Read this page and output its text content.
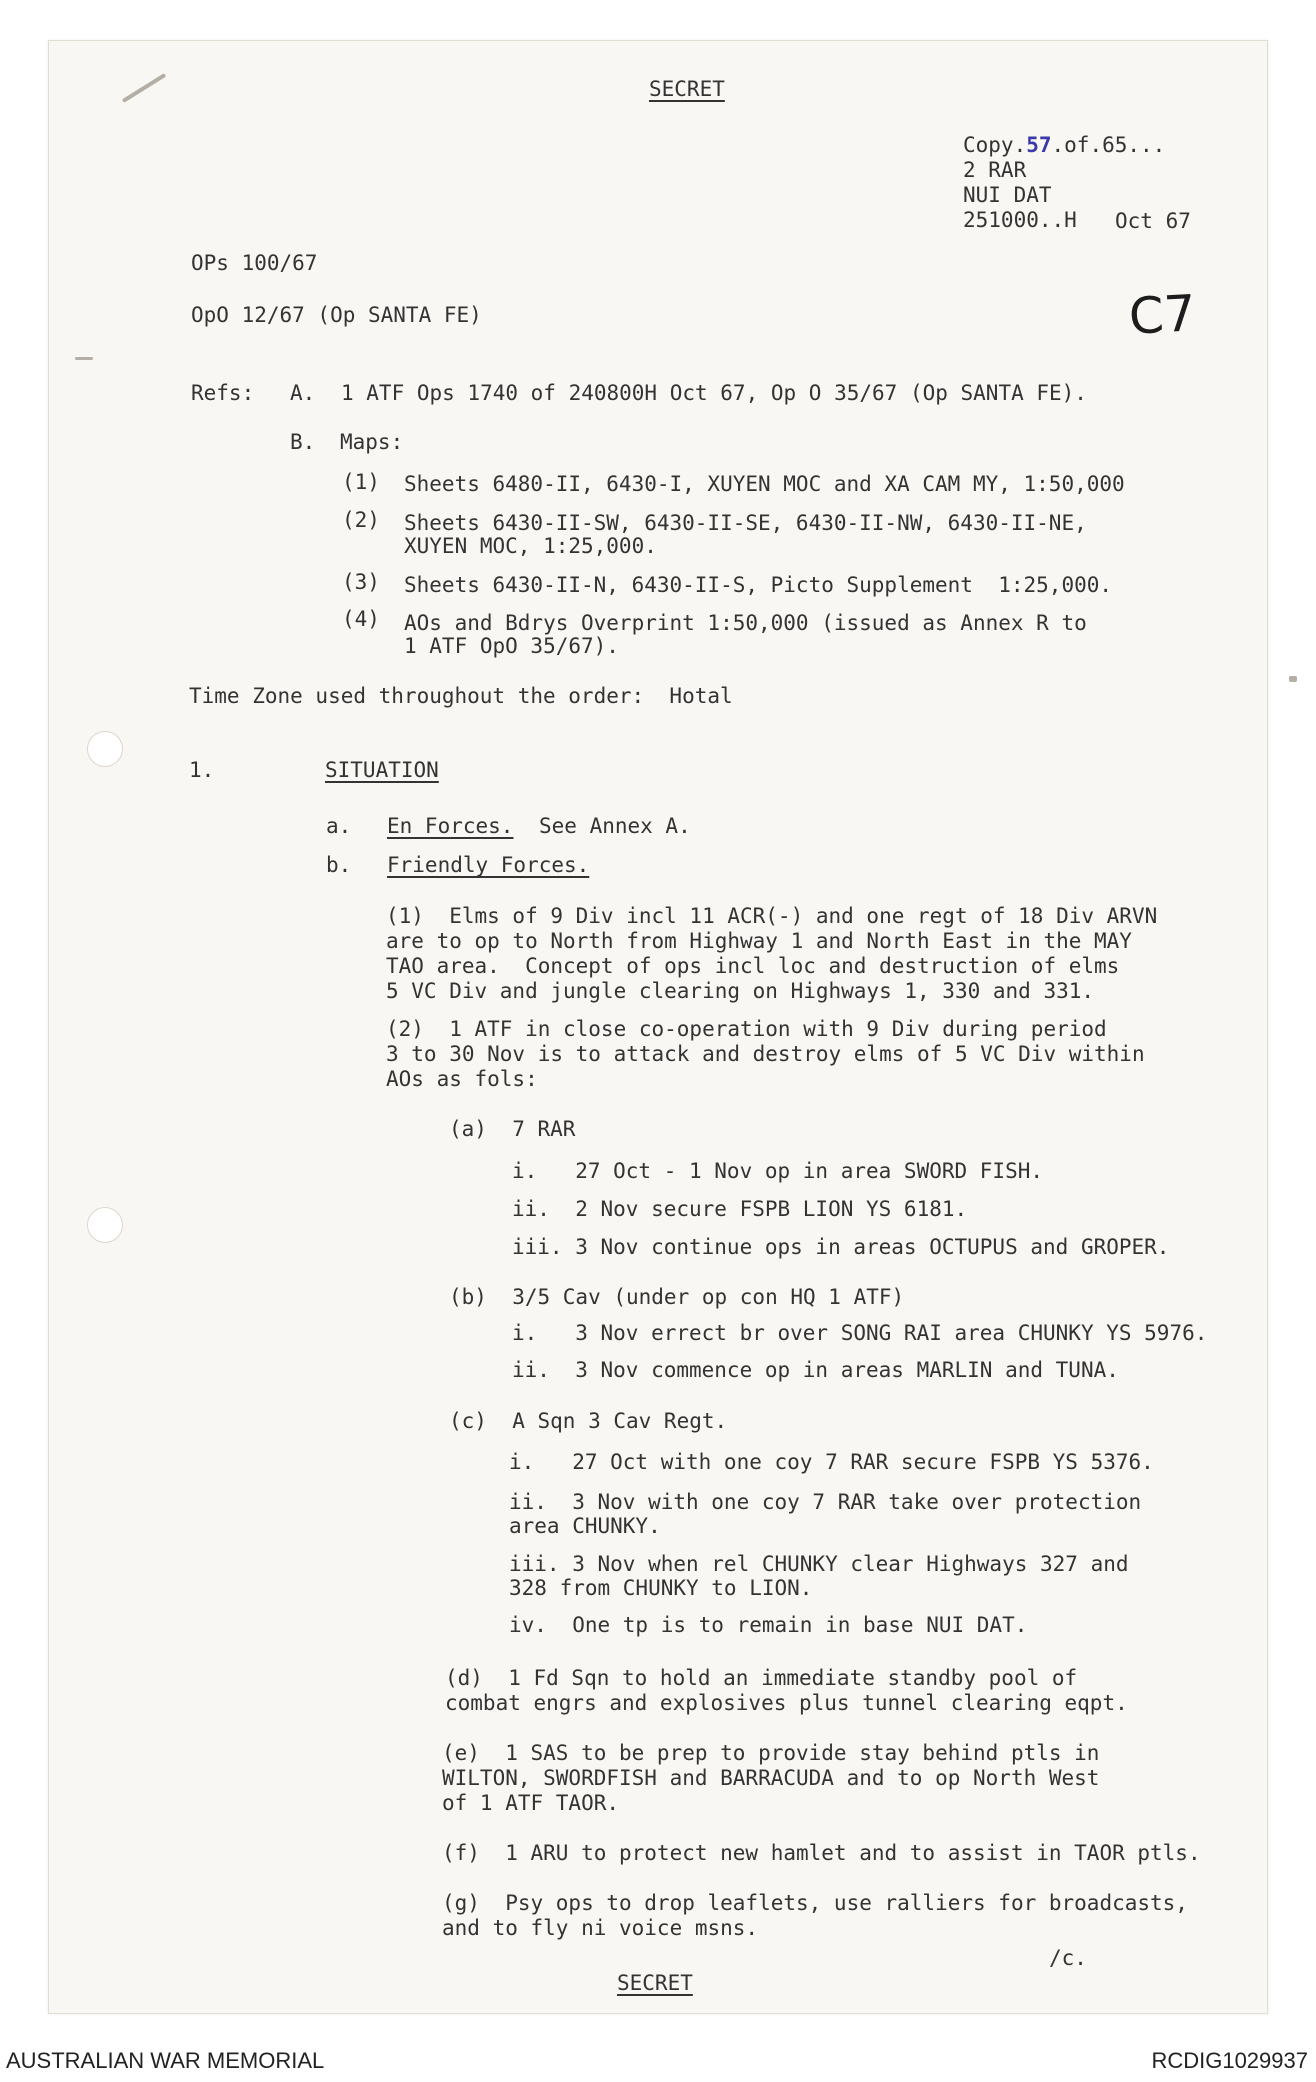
SECRET
Copy.57.of.65...
2 RAR
NUI DAT
251000..H Oct 67
OPs 100/67
OpO 12/67 (Op SANTA FE)	C7
Refs: A. 1 ATF Ops 1740 of 240800H Oct 67, Op O 35/67 (Op SANTA FE).
B. Maps:
(1) Sheets 6480-II, 6430-I, XUYEN MOC and XA CAM MY, 1:50,000
(2) Sheets 6430-II-SW, 6430-II-SE, 6430-II-NW, 6430-II-NE,
XUYEN MOC, 1:25,000.
(3) Sheets 6430-II-N, 6430-II-S, Picto Supplement  1:25,000.
(4) AOs and Bdrys Overprint 1:50,000 (issued as Annex R to
1 ATF OpO 35/67).
Time Zone used throughout the order:  Hotal
1.	SITUATION
a. En Forces. See Annex A.
b. Friendly Forces.
(1)  Elms of 9 Div incl 11 ACR(-) and one regt of 18 Div ARVN
are to op to North from Highway 1 and North East in the MAY
TAO area.  Concept of ops incl loc and destruction of elms
5 VC Div and jungle clearing on Highways 1, 330 and 331.
(2)  1 ATF in close co-operation with 9 Div during period
3 to 30 Nov is to attack and destroy elms of 5 VC Div within
AOs as fols:
(a)  7 RAR
i.   27 Oct - 1 Nov op in area SWORD FISH.
ii.  2 Nov secure FSPB LION YS 6181.
iii. 3 Nov continue ops in areas OCTUPUS and GROPER.
(b)  3/5 Cav (under op con HQ 1 ATF)
i.   3 Nov errect br over SONG RAI area CHUNKY YS 5976.
ii.  3 Nov commence op in areas MARLIN and TUNA.
(c)  A Sqn 3 Cav Regt.
i.   27 Oct with one coy 7 RAR secure FSPB YS 5376.
ii.  3 Nov with one coy 7 RAR take over protection
area CHUNKY.
iii. 3 Nov when rel CHUNKY clear Highways 327 and
328 from CHUNKY to LION.
iv.  One tp is to remain in base NUI DAT.
(d)  1 Fd Sqn to hold an immediate standby pool of
combat engrs and explosives plus tunnel clearing eqpt.
(e)  1 SAS to be prep to provide stay behind ptls in
WILTON, SWORDFISH and BARRACUDA and to op North West
of 1 ATF TAOR.
(f)  1 ARU to protect new hamlet and to assist in TAOR ptls.
(g)  Psy ops to drop leaflets, use ralliers for broadcasts,
and to fly ni voice msns.
/c.
SECRET
AUSTRALIAN WAR MEMORIAL	RCDIG1029937
